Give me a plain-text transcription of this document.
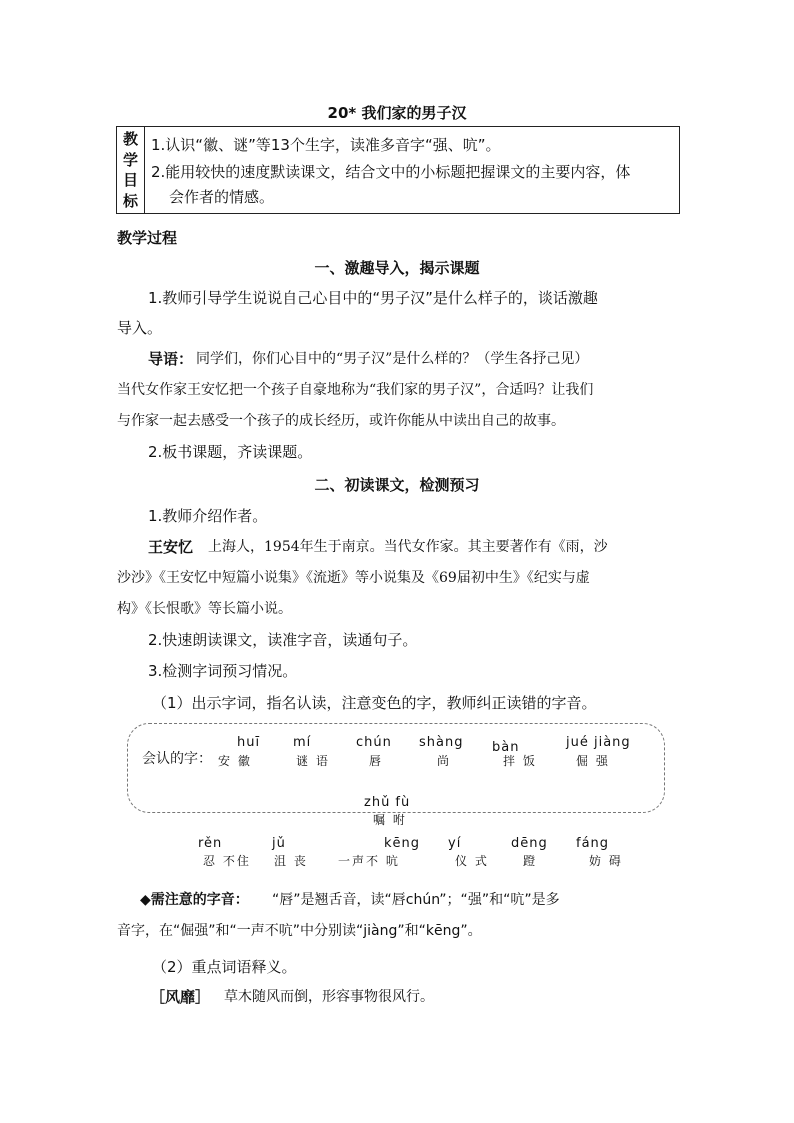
20* 我们家的男子汉
教
学
目
标
1.认识“徽、谜”等13个生字，读准多音字“强、吭”。
2.能用较快的速度默读课文，结合文中的小标题把握课文的主要内容，体
会作者的情感。
教学过程
一、激趣导入，揭示课题
1.教师引导学生说说自己心目中的“男子汉”是什么样子的，谈话激趣
导入。
导语： 同学们，你们心目中的“男子汉”是什么样的？（学生各抒己见）
当代女作家王安忆把一个孩子自豪地称为“我们家的男子汉”，合适吗？让我们
与作家一起去感受一个孩子的成长经历，或许你能从中读出自己的故事。
2.板书课题，齐读课题。
二、初读课文，检测预习
1.教师介绍作者。
王安忆 上海人，1954年生于南京。当代女作家。其主要著作有《雨，沙
沙沙》《王安忆中短篇小说集》《流逝》等小说集及《69届初中生》《纪实与虚
构》《长恨歌》等长篇小说。
2.快速朗读课文，读准字音，读通句子。
3.检测字词预习情况。
（1）出示字词，指名认读，注意变色的字，教师纠正读错的字音。
会认的字：
huī
安 徽
mí
谜 语
chún
唇
shàng
尚
bàn
拌 饭
jué jiàng
倔 强
zhǔ fù
嘱 咐
rěn
忍 不住
jǔ
沮 丧
kēng
一声不 吭
yí
仪 式
dēng
蹬
fáng
妨 碍
◆需注意的字音： “唇”是翘舌音，读“唇chún”；“强”和“吭”是多
音字，在“倔强”和“一声不吭”中分别读“jiàng”和“kēng”。
（2）重点词语释义。
［风靡］ 草木随风而倒，形容事物很风行。
